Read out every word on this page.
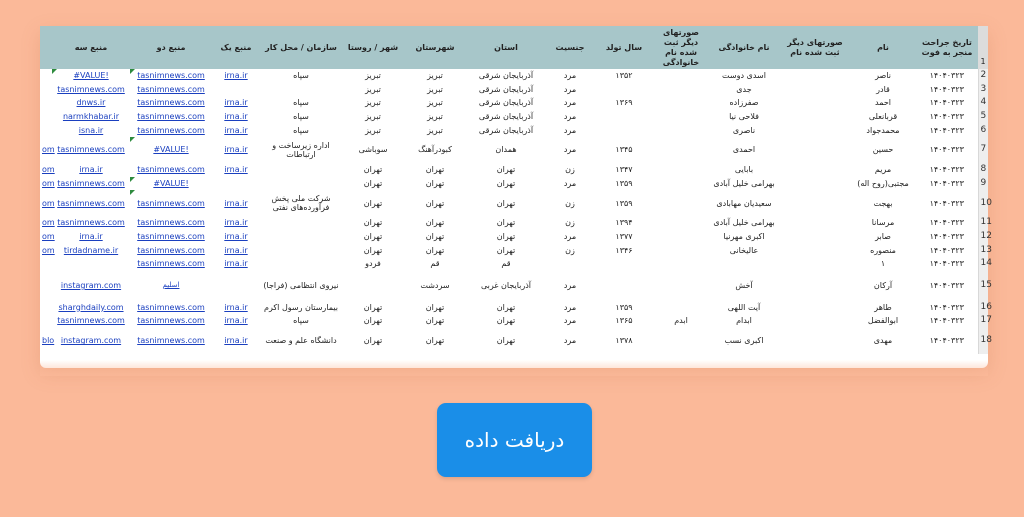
	منبع سه	منبع دو	منبع یک	سازمان / محل کار	شهر / روستا	شهرستان	استان	جنسیت	سال تولد	صورتهای دیگر ثبت شده نام خانوادگی	نام خانوادگی	صورتهای دیگر ثبت شده نام	نام	تاریخ جراحت منجر به فوت	1
	#VALUE!	tasnimnews.com	irna.ir	سپاه	تبریز	تبریز	آذربایجان شرقی	مرد	۱۳۵۲		اسدی دوست		ناصر	۱۴۰۴۰۳۲۳	2
	tasnimnews.com	tasnimnews.com			تبریز	تبریز	آذربایجان شرقی	مرد			جدی		قادر	۱۴۰۴۰۳۲۳	3
	dnws.ir	tasnimnews.com	irna.ir	سپاه	تبریز	تبریز	آذربایجان شرقی	مرد	۱۳۶۹		صفرزاده		احمد	۱۴۰۴۰۳۲۳	4
	narmkhabar.ir	tasnimnews.com	irna.ir	سپاه	تبریز	تبریز	آذربایجان شرقی	مرد			فلاحی نیا		قربانعلی	۱۴۰۴۰۳۲۳	5
	isna.ir	tasnimnews.com	irna.ir	سپاه	تبریز	تبریز	آذربایجان شرقی	مرد			ناصری		محمدجواد	۱۴۰۴۰۳۲۳	6
om	tasnimnews.com	#VALUE!	irna.ir	اداره زیرساخت و ارتباطات	سوباشی	کبودرآهنگ	همدان	مرد	۱۳۴۵		احمدی		حسین	۱۴۰۴۰۳۲۳	7
om	irna.ir	tasnimnews.com	irna.ir		تهران	تهران	تهران	زن	۱۳۴۷		بابایی		مریم	۱۴۰۴۰۳۲۳	8
om	tasnimnews.com	#VALUE!			تهران	تهران	تهران	مرد	۱۳۵۹		بهرامی خلیل آبادی		مجتبی(روح اله)	۱۴۰۴۰۳۲۳	9
om	tasnimnews.com	tasnimnews.com	irna.ir	شرکت ملی پخش فرآورده‌های نفتی	تهران	تهران	تهران	زن	۱۳۵۹		سعیدیان مهابادی		بهجت	۱۴۰۴۰۳۲۳	10
om	tasnimnews.com	tasnimnews.com	irna.ir		تهران	تهران	تهران	زن	۱۳۹۴		بهرامی خلیل آبادی		مرسانا	۱۴۰۴۰۳۲۳	11
om	irna.ir	tasnimnews.com	irna.ir		تهران	تهران	تهران	مرد	۱۳۷۷		اکبری مهرنیا		صابر	۱۴۰۴۰۳۲۳	12
om	tirdadname.ir	tasnimnews.com	irna.ir		تهران	تهران	تهران	زن	۱۳۴۶		عالیخانی		منصوره	۱۴۰۴۰۳۲۳	13
		tasnimnews.com	irna.ir		فردو	قم	قم						۱	۱۴۰۴۰۳۲۳	14
	instagram.com	اسلیم		نیروی انتظامی (فراجا)		سردشت	آذربایجان غربی	مرد			آخش		آرکان	۱۴۰۴۰۳۲۳	15
	sharghdaily.com	tasnimnews.com	irna.ir	بیمارستان رسول اکرم	تهران	تهران	تهران	مرد	۱۳۵۹		آیت اللهی		طاهر	۱۴۰۴۰۳۲۳	16
	tasnimnews.com	tasnimnews.com	irna.ir	سپاه	تهران	تهران	تهران	مرد	۱۳۶۵	ابدم	ابدام		ابوالفضل	۱۴۰۴۰۳۲۳	17
blo	instagram.com	tasnimnews.com	irna.ir	دانشگاه علم و صنعت	تهران	تهران	تهران	مرد	۱۳۷۸		اکبری نسب		مهدی	۱۴۰۴۰۳۲۳	18
دریافت داده
